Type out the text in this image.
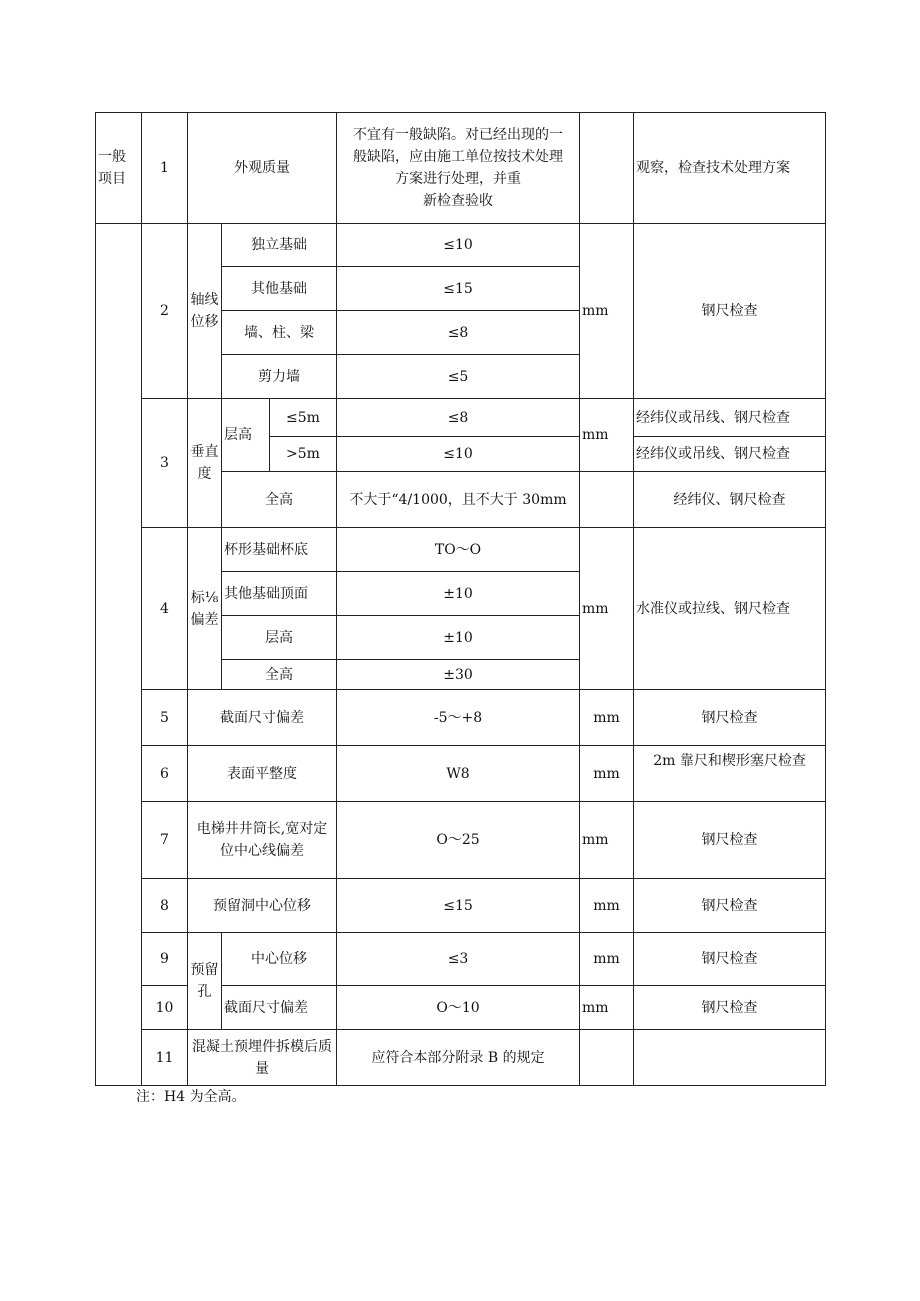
一般项目	1	外观质量			不宜有一般缺陷。对已经出现的一
般缺陷，应由施工单位按技术处理
方案进行处理，并重
新检查验收		观察，检查技术处理方案
	2	轴线位移	独立基础		≤10	mm	钢尺检查
			其他基础		≤15		
			墙、柱、梁		≤8		
			剪力墙		≤5		
	3	垂直度	层高	≤5m	≤8	mm	经纬仪或吊线、钢尺检查
				>5m	≤10		经纬仪或吊线、钢尺检查
			全高		不大于“4/1000，且不大于 30mm		经纬仪、钢尺检查
	4	标⅛偏差	杯形基础杯底		TO～O	mm	水准仪或拉线、钢尺检查
			其他基础顶面		±10		
			层高		±10		
			全高		±30		
	5	截面尺寸偏差			-5～+8	mm	钢尺检查
	6	表面平整度			W8	mm	2m 靠尺和楔形塞尺检查
	7	电梯井井筒长,宽对定位中心线偏差			O～25	mm	钢尺检查
	8	预留洞中心位移			≤15	mm	钢尺检查
	9	预留孔	中心位移		≤3	mm	钢尺检查
	10		截面尺寸偏差		O～10	mm	钢尺检查
	11	混凝土预埋件拆模后质量			应符合本部分附录 B 的规定		
注：H4 为全高。
